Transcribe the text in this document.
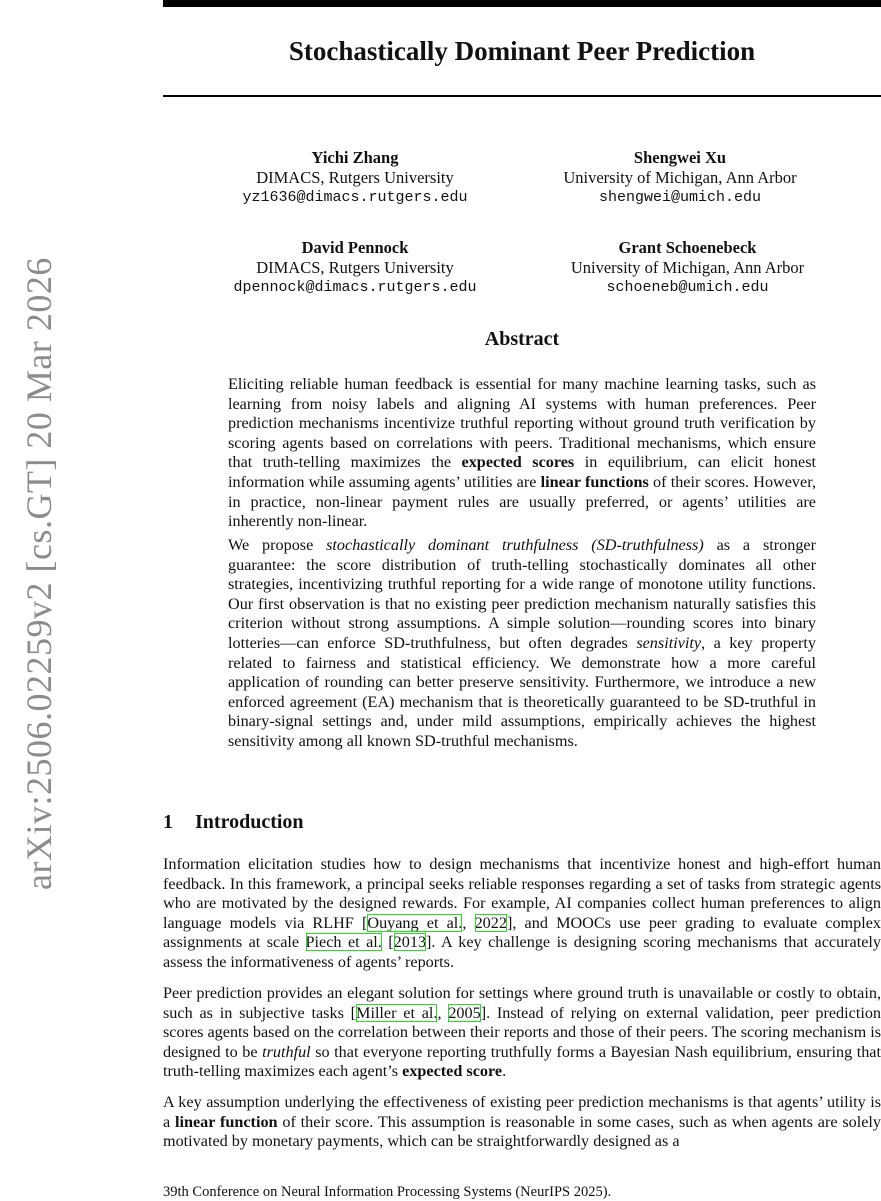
arXiv:2506.02259v2 [cs.GT] 20 Mar 2026
Stochastically Dominant Peer Prediction
Yichi Zhang
DIMACS, Rutgers University
yz1636@dimacs.rutgers.edu
Shengwei Xu
University of Michigan, Ann Arbor
shengwei@umich.edu
David Pennock
DIMACS, Rutgers University
dpennock@dimacs.rutgers.edu
Grant Schoenebeck
University of Michigan, Ann Arbor
schoeneb@umich.edu
Abstract

Eliciting reliable human feedback is essential for many machine learning tasks, such as learning from noisy labels and aligning AI systems with human preferences. Peer prediction mechanisms incentivize truthful reporting without ground truth verification by scoring agents based on correlations with peers. Traditional mechanisms, which ensure that truth-telling maximizes the expected scores in equilibrium, can elicit honest information while assuming agents’ utilities are linear functions of their scores. However, in practice, non-linear payment rules are usually preferred, or agents’ utilities are inherently non-linear.

We propose stochastically dominant truthfulness (SD-truthfulness) as a stronger guarantee: the score distribution of truth-telling stochastically dominates all other strategies, incentivizing truthful reporting for a wide range of monotone utility functions. Our first observation is that no existing peer prediction mechanism naturally satisfies this criterion without strong assumptions. A simple solution—rounding scores into binary lotteries—can enforce SD-truthfulness, but often degrades sensitivity, a key property related to fairness and statistical efficiency. We demonstrate how a more careful application of rounding can better preserve sensitivity. Furthermore, we introduce a new enforced agreement (EA) mechanism that is theoretically guaranteed to be SD-truthful in binary-signal settings and, under mild assumptions, empirically achieves the highest sensitivity among all known SD-truthful mechanisms.

1 Introduction

Information elicitation studies how to design mechanisms that incentivize honest and high-effort human feedback. In this framework, a principal seeks reliable responses regarding a set of tasks from strategic agents who are motivated by the designed rewards. For example, AI companies collect human preferences to align language models via RLHF [Ouyang et al., 2022], and MOOCs use peer grading to evaluate complex assignments at scale Piech et al. [2013]. A key challenge is designing scoring mechanisms that accurately assess the informativeness of agents’ reports.

Peer prediction provides an elegant solution for settings where ground truth is unavailable or costly to obtain, such as in subjective tasks [Miller et al., 2005]. Instead of relying on external validation, peer prediction scores agents based on the correlation between their reports and those of their peers. The scoring mechanism is designed to be truthful so that everyone reporting truthfully forms a Bayesian Nash equilibrium, ensuring that truth-telling maximizes each agent’s expected score.

A key assumption underlying the effectiveness of existing peer prediction mechanisms is that agents’ utility is a linear function of their score. This assumption is reasonable in some cases, such as when agents are solely motivated by monetary payments, which can be straightforwardly designed as a

39th Conference on Neural Information Processing Systems (NeurIPS 2025).
